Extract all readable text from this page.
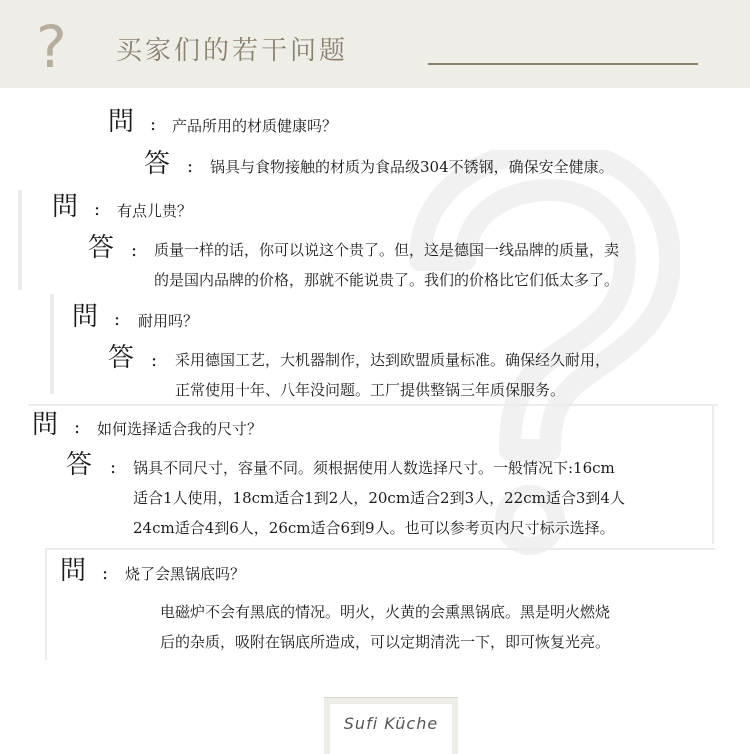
? 买家们的若干问题
問 : 产品所用的材质健康吗？
答 : 锅具与食物接触的材质为食品级304不锈钢，确保安全健康。
問 : 有点儿贵？
答 : 质量一样的话，你可以说这个贵了。但，这是德国一线品牌的质量，卖
的是国内品牌的价格，那就不能说贵了。我们的价格比它们低太多了。
問 : 耐用吗？
答 : 采用德国工艺，大机器制作，达到欧盟质量标准。确保经久耐用，
正常使用十年、八年没问题。工厂提供整锅三年质保服务。
問 : 如何选择适合我的尺寸？
答 : 锅具不同尺寸，容量不同。须根据使用人数选择尺寸。一般情况下:16cm
适合1人使用，18cm适合1到2人，20cm适合2到3人，22cm适合3到4人
24cm适合4到6人，26cm适合6到9人。也可以参考页内尺寸标示选择。
問 : 烧了会黑锅底吗？
电磁炉不会有黑底的情况。明火，火黄的会熏黑锅底。黑是明火燃烧
后的杂质，吸附在锅底所造成，可以定期清洗一下，即可恢复光亮。
Sufi Küche
